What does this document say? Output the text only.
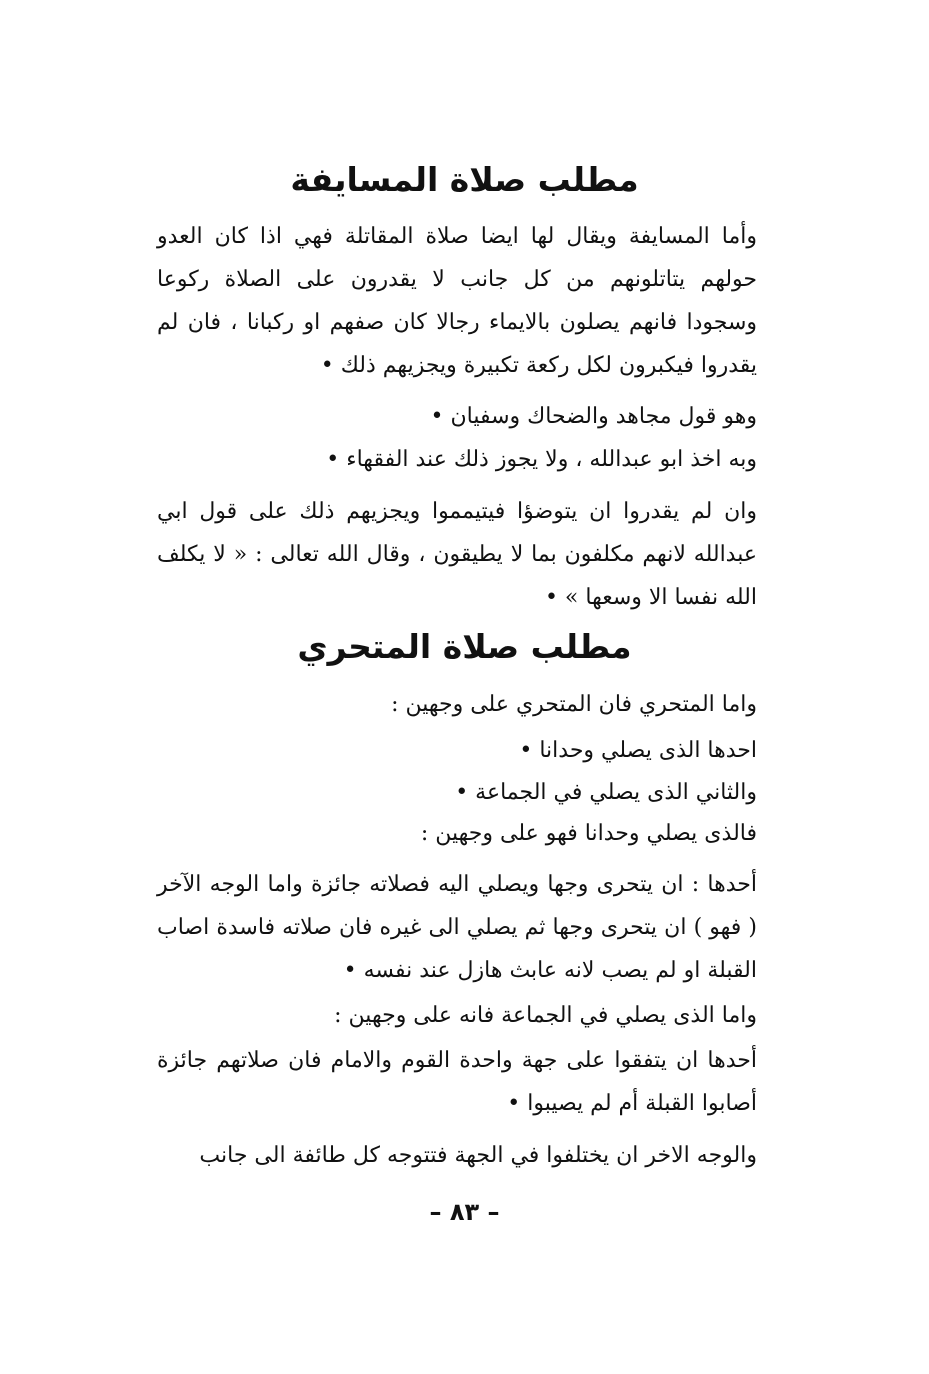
مطلب صلاة المسايفة
وأما المسايفة ويقال لها ايضا صلاة المقاتلة فهي اذا كان العدو حولهم يتاتلونهم من كل جانب لا يقدرون على الصلاة ركوعا وسجودا فانهم يصلون بالايماء رجالا كان صفهم او ركبانا ، فان لم يقدروا فيكبرون لكل ركعة تكبيرة ويجزيهم ذلك •
وهو قول مجاهد والضحاك وسفيان •
وبه اخذ ابو عبدالله ، ولا يجوز ذلك عند الفقهاء •
وان لم يقدروا ان يتوضؤا فيتيمموا ويجزيهم ذلك على قول ابي عبدالله لانهم مكلفون بما لا يطيقون ، وقال الله تعالى : « لا يكلف الله نفسا الا وسعها » •
مطلب صلاة المتحري
واما المتحري فان المتحري على وجهين :
احدها الذى يصلي وحدانا •
والثاني الذى يصلي في الجماعة •
فالذى يصلي وحدانا فهو على وجهين :
أحدها : ان يتحرى وجها ويصلي اليه فصلاته جائزة واما الوجه الآخر ( فهو ) ان يتحرى وجها ثم يصلي الى غيره فان صلاته فاسدة اصاب القبلة او لم يصب لانه عابث هازل عند نفسه •
واما الذى يصلي في الجماعة فانه على وجهين :
أحدها ان يتفقوا على جهة واحدة القوم والامام فان صلاتهم جائزة أصابوا القبلة أم لم يصيبوا •
والوجه الاخر ان يختلفوا في الجهة فتتوجه كل طائفة الى جانب
– ٨٣ –
